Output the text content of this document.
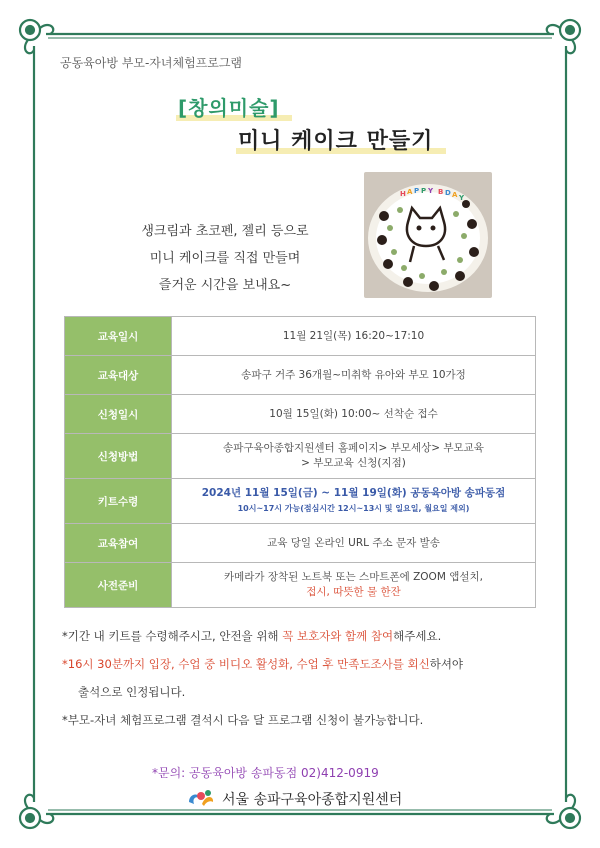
공동육아방 부모-자녀체험프로그램
[창의미술]
미니 케이크 만들기
생크림과 초코펜, 젤리 등으로
미니 케이크를 직접 만들며
즐거운 시간을 보내요~
H A P P Y B D A Y
교육일시	11월 21일(목) 16:20~17:10
교육대상	송파구 거주 36개월~미취학 유아와 부모 10가정
신청일시	10월 15일(화) 10:00~ 선착순 접수
신청방법	송파구육아종합지원센터 홈페이지> 부모세상> 부모교육
> 부모교육 신청(지점)

키트수령	2024년 11월 15일(금) ~ 11월 19일(화) 공동육아방 송파동점
10시~17시 가능(점심시간 12시~13시 및 일요일, 월요일 제외)

교육참여	교육 당일 온라인 URL 주소 문자 발송
사전준비	카메라가 장착된 노트북 또는 스마트폰에 ZOOM 앱설치,
접시, 따뜻한 물 한잔
*기간 내 키트를 수령해주시고, 안전을 위해 꼭 보호자와 함께 참여해주세요.
*16시 30분까지 입장, 수업 중 비디오 활성화, 수업 후 만족도조사를 회신하셔야
출석으로 인정됩니다.
*부모-자녀 체험프로그램 결석시 다음 달 프로그램 신청이 불가능합니다.
*문의: 공동육아방 송파동점 02)412-0919
서울 송파구육아종합지원센터
